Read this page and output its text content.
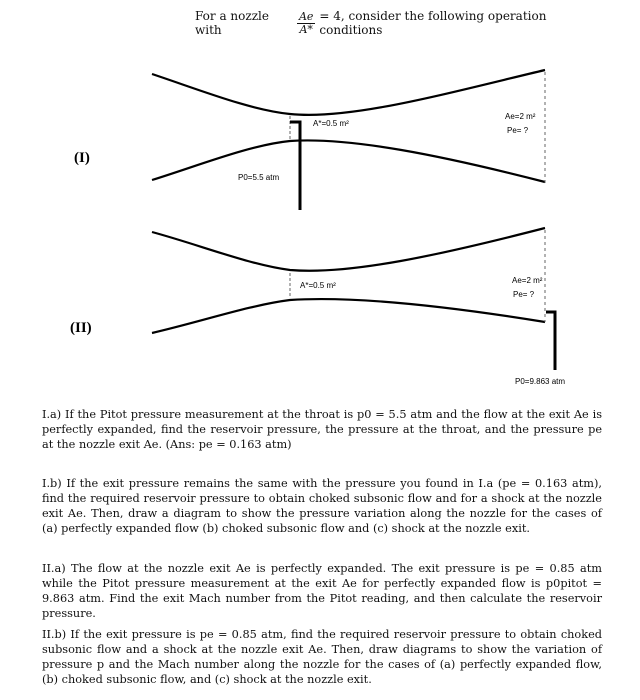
For a nozzle with	$\frac{Ae}{A*} = 4$, consider the following operation conditions
A*=0.5 m²
Ae=2 m²
Pe= ?
P0=5.5 atm
(I)
A*=0.5 m²
Ae=2 m²
Pe= ?
P0=9.863 atm
(II)
I.a) If the Pitot pressure measurement at the throat is p0 = 5.5 atm and the flow at the exit Ae is perfectly expanded, find the reservoir pressure, the pressure at the throat, and the pressure pe at the nozzle exit Ae. (Ans: pe = 0.163 atm)
I.b) If the exit pressure remains the same with the pressure you found in I.a (pe = 0.163 atm), find the required reservoir pressure to obtain choked subsonic flow and for a shock at the nozzle exit Ae. Then, draw a diagram to show the pressure variation along the nozzle for the cases of (a) perfectly expanded flow (b) choked subsonic flow and (c) shock at the nozzle exit.
II.a) The flow at the nozzle exit Ae is perfectly expanded. The exit pressure is pe = 0.85 atm while the Pitot pressure measurement at the exit Ae for perfectly expanded flow is p0pitot = 9.863 atm. Find the exit Mach number from the Pitot reading, and then calculate the reservoir pressure.
II.b) If the exit pressure is pe = 0.85 atm, find the required reservoir pressure to obtain choked subsonic flow and a shock at the nozzle exit Ae. Then, draw diagrams to show the variation of pressure p and the Mach number along the nozzle for the cases of (a) perfectly expanded flow, (b) choked subsonic flow, and (c) shock at the nozzle exit.
